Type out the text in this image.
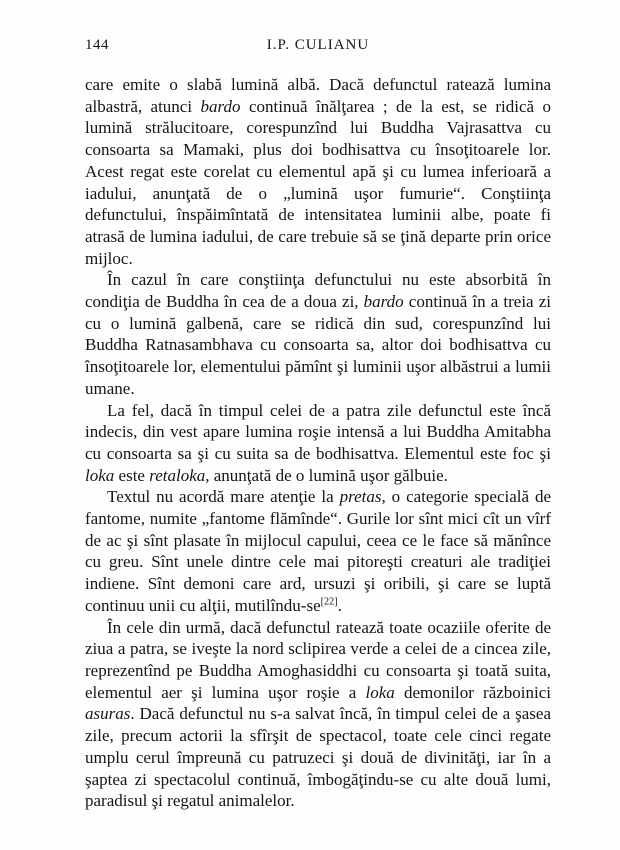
144	I.P. CULIANU

care emite o slabă lumină albă. Dacă defunctul ratează lumina albastră, atunci bardo continuă înălţarea ; de la est, se ridică o lumină strălucitoare, corespunzînd lui Buddha Vajrasattva cu consoarta sa Mamaki, plus doi bodhisattva cu însoţitoarele lor. Acest regat este corelat cu elementul apă şi cu lumea inferioară a iadului, anunţată de o „lumină uşor fumurie“. Conştiinţa defunctului, înspăimîntată de intensitatea luminii albe, poate fi atrasă de lumina iadului, de care trebuie să se ţină departe prin orice mijloc.

În cazul în care conştiinţa defunctului nu este absorbită în condiţia de Buddha în cea de a doua zi, bardo continuă în a treia zi cu o lumină galbenă, care se ridică din sud, corespunzînd lui Buddha Ratnasambhava cu consoarta sa, altor doi bodhisattva cu însoţitoarele lor, elementului pămînt şi luminii uşor albăstrui a lumii umane.

La fel, dacă în timpul celei de a patra zile defunctul este încă indecis, din vest apare lumina roşie intensă a lui Buddha Amitabha cu consoarta sa şi cu suita sa de bodhisattva. Elementul este foc şi loka este retaloka, anunţată de o lumină uşor gălbuie.

Textul nu acordă mare atenţie la pretas, o categorie specială de fantome, numite „fantome flămînde“. Gurile lor sînt mici cît un vîrf de ac şi sînt plasate în mijlocul capului, ceea ce le face să mănînce cu greu. Sînt unele dintre cele mai pitoreşti creaturi ale tradiţiei indiene. Sînt demoni care ard, ursuzi şi oribili, şi care se luptă continuu unii cu alţii, mutilîndu-se[22].

În cele din urmă, dacă defunctul ratează toate ocaziile oferite de ziua a patra, se iveşte la nord sclipirea verde a celei de a cincea zile, reprezentînd pe Buddha Amoghasiddhi cu consoarta şi toată suita, elementul aer şi lumina uşor roşie a loka demonilor războinici asuras. Dacă defunctul nu s-a salvat încă, în timpul celei de a şasea zile, precum actorii la sfîrşit de spectacol, toate cele cinci regate umplu cerul împreună cu patruzeci şi două de divinităţi, iar în a şaptea zi spectacolul continuă, îmbogăţindu-se cu alte două lumi, paradisul şi regatul animalelor.
